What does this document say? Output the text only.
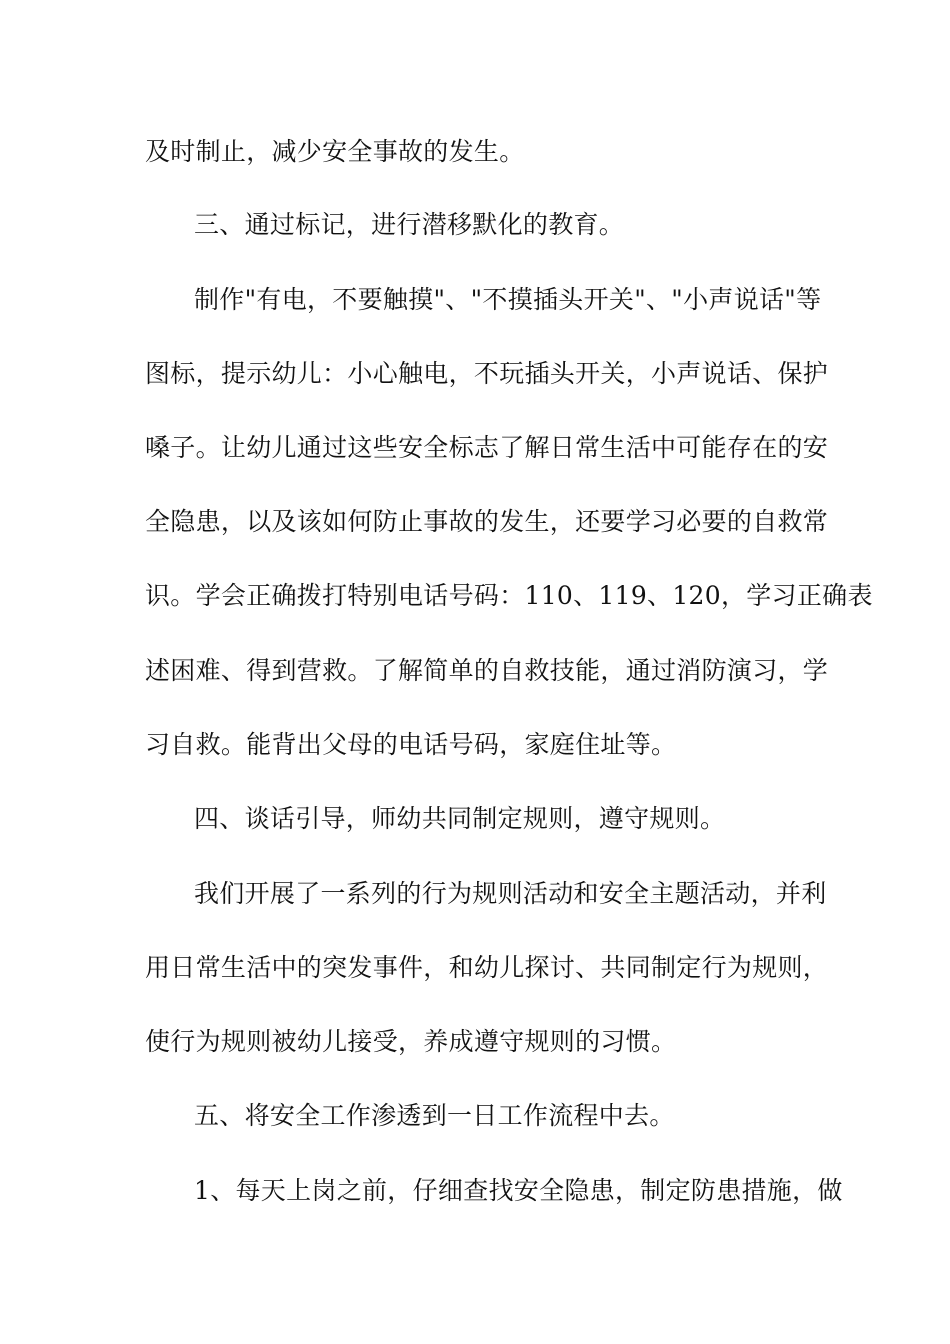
及时制止，减少安全事故的发生。
三、通过标记，进行潜移默化的教育。
制作"有电，不要触摸"、"不摸插头开关"、"小声说话"等
图标，提示幼儿：小心触电，不玩插头开关，小声说话、保护
嗓子。让幼儿通过这些安全标志了解日常生活中可能存在的安
全隐患，以及该如何防止事故的发生，还要学习必要的自救常
识。学会正确拨打特别电话号码：110、119、120，学习正确表
述困难、得到营救。了解简单的自救技能，通过消防演习，学
习自救。能背出父母的电话号码，家庭住址等。
四、谈话引导，师幼共同制定规则，遵守规则。
我们开展了一系列的行为规则活动和安全主题活动，并利
用日常生活中的突发事件，和幼儿探讨、共同制定行为规则，
使行为规则被幼儿接受，养成遵守规则的习惯。
五、将安全工作渗透到一日工作流程中去。
1、每天上岗之前，仔细查找安全隐患，制定防患措施，做
